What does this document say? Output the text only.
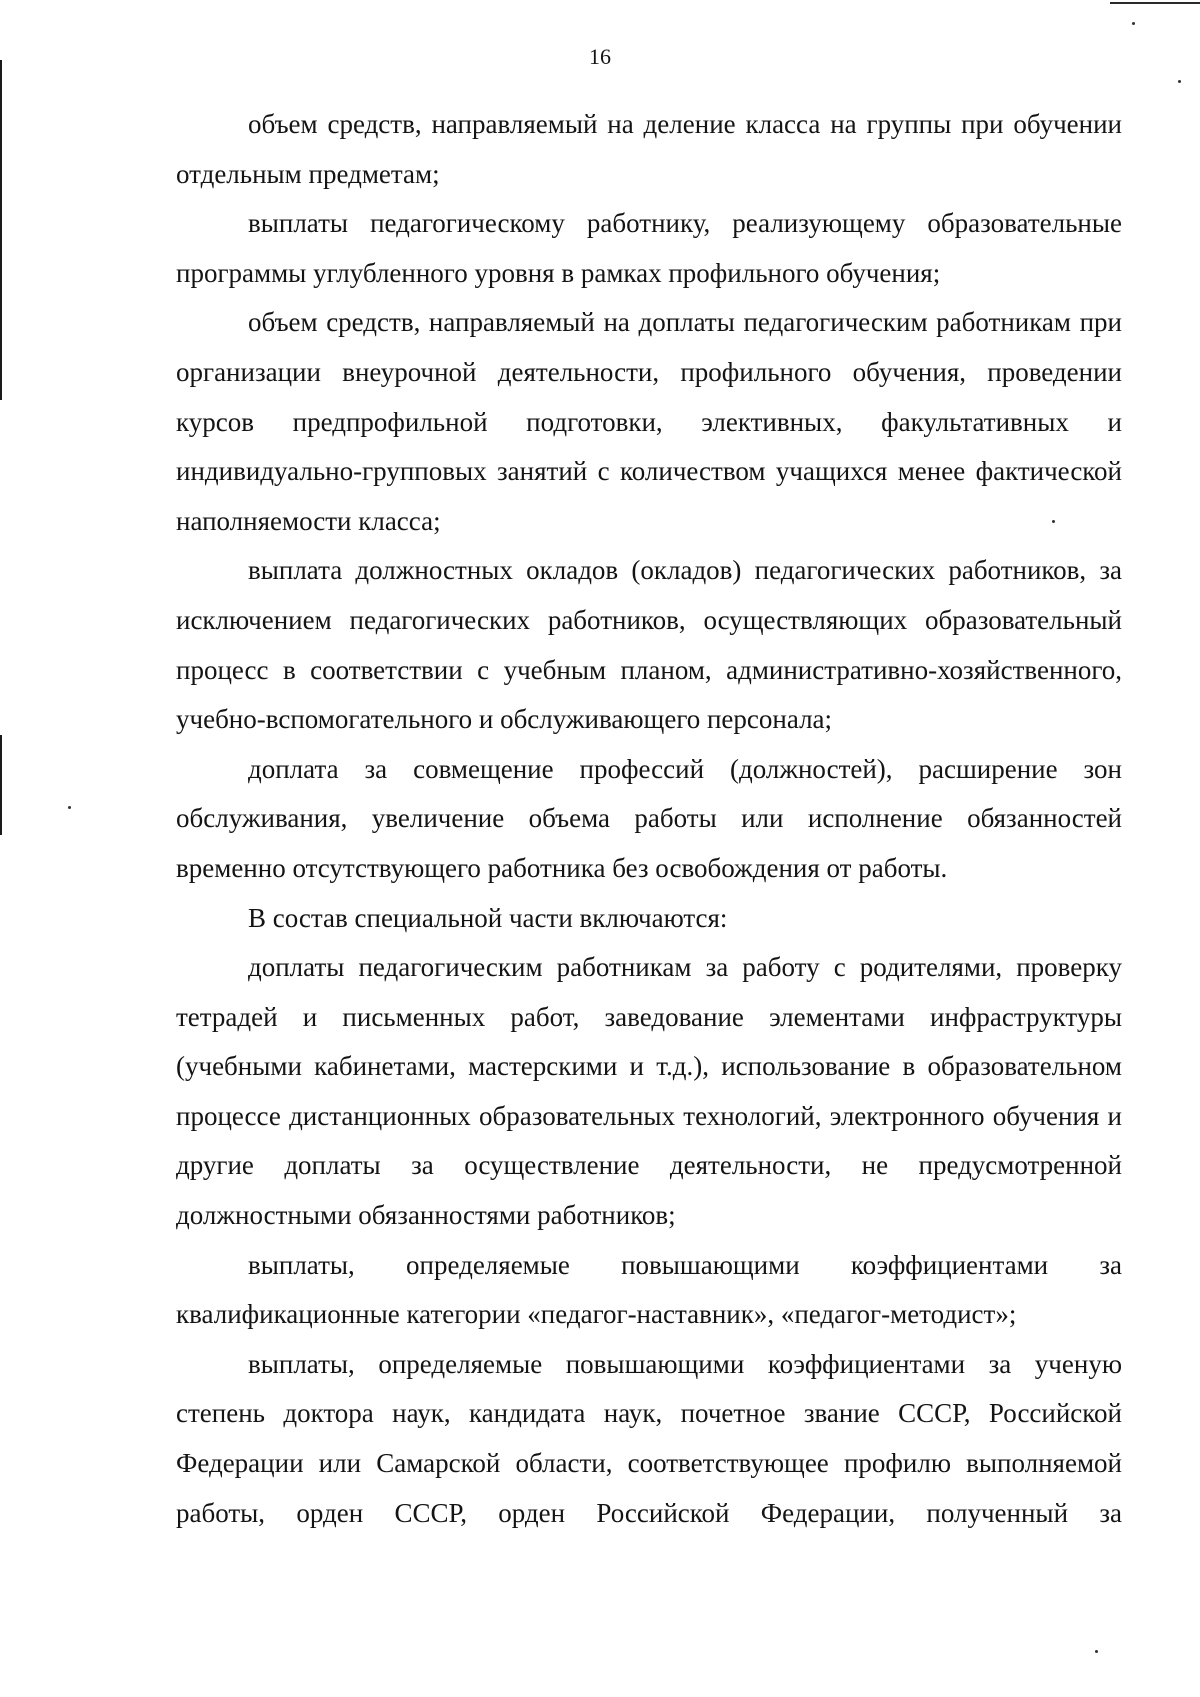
16

объем средств, направляемый на деление класса на группы при обучении отдельным предметам;

выплаты педагогическому работнику, реализующему образовательные программы углубленного уровня в рамках профильного обучения;

объем средств, направляемый на доплаты педагогическим работникам при организации внеурочной деятельности, профильного обучения, проведении курсов предпрофильной подготовки, элективных, факультативных и индивидуально-групповых занятий с количеством учащихся менее фактической наполняемости класса;

выплата должностных окладов (окладов) педагогических работников, за исключением педагогических работников, осуществляющих образовательный процесс в соответствии с учебным планом, административно-хозяйственного, учебно-вспомогательного и обслуживающего персонала;

доплата за совмещение профессий (должностей), расширение зон обслуживания, увеличение объема работы или исполнение обязанностей временно отсутствующего работника без освобождения от работы.

В состав специальной части включаются:

доплаты педагогическим работникам за работу с родителями, проверку тетрадей и письменных работ, заведование элементами инфраструктуры (учебными кабинетами, мастерскими и т.д.), использование в образовательном процессе дистанционных образовательных технологий, электронного обучения и другие доплаты за осуществление деятельности, не предусмотренной должностными обязанностями работников;

выплаты, определяемые повышающими коэффициентами за квалификационные категории «педагог-наставник», «педагог-методист»;

выплаты, определяемые повышающими коэффициентами за ученую степень доктора наук, кандидата наук, почетное звание СССР, Российской Федерации или Самарской области, соответствующее профилю выполняемой работы, орден СССР, орден Российской Федерации, полученный за
